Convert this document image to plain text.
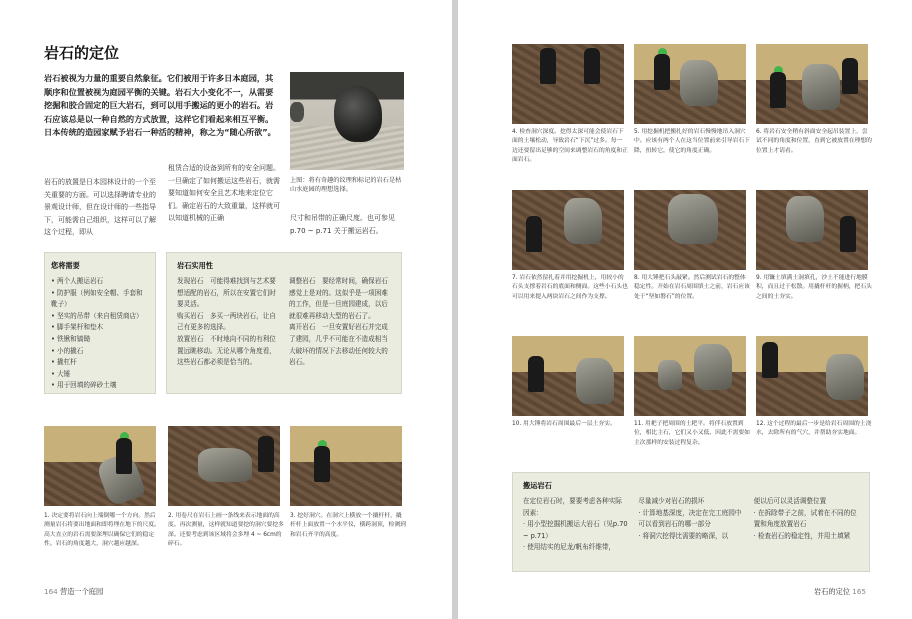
岩石的定位
岩石被视为力量的重要自然象征。它们被用于许多日本庭园，其顺序和位置被视为庭园平衡的关键。岩石大小变化不一，从需要挖掘和胶合固定的巨大岩石，到可以用手搬运的更小的岩石。岩石应该总是以一种自然的方式放置，这样它们看起来相互平衡。日本传统的造园家赋予岩石一种活的精神，称之为“随心所欲”。
上图：将有奇趣的纹理和标记的岩石是枯山水庭园的理想选择。
岩石的放置是日本园林设计的一个至关重要的方面。可以选择聘请专业的景观设计师，但在设计师的一些指导下，可能需自己组织，这样可以了解这个过程，即从
租赁合适的设备到所有的安全问题。一旦确定了如何搬运这些岩石，就需要知道如何安全且艺术地来定位它们。确定岩石的大致重量，这样就可以知道机械的正确	尺寸和吊带的正确尺度。也可参见 p.70 ~ p.71 关于搬运岩石。
您将需要
• 两个人搬运岩石
• 防护服（例如安全帽、手套和靴子）
• 坚实的吊带（来自租赁商店）
• 脚手架杆和垫木
• 铁锹和镐锄
• 小的撬石
• 撬杠杆
• 大锤
• 用于回填的碎砂土壤
岩石实用性
发现岩石　可能得难找到与艺术要想适配的岩石，所以在安置它们时要灵活。
购买岩石　多买一两块岩石，让自己有更多的选择。
放置岩石　不时地向不同的有利位置远眺移动。无论从哪个角度看，这些岩石都必须是恰当的。
调整岩石　要经常时间，确保岩石感觉上是对的。这似乎是一项困难的工作，但是一旦庭园建成，以后就很难再移动大型的岩石了。
离开岩石　一旦安置好岩石并完成了建园，几乎不可能在不造成相当大破坏的情况下去移动任何较大的岩石。
1. 决定要将岩石向上端倒哪一个方向。然后测量岩石将要出地面和即将埋在地下的尺度。高大直立的岩石需要深埋以确保它们的稳定性。岩石的角度越大，洞穴越应越深。
2. 用卷尺在岩石上画一条线来表示地面的高度。再次测量，这样就知道要挖的洞穴要挖多深。还要考虑到该区域将会多埋 4 ~ 6cm的碎石。
3. 挖好洞穴。在洞穴上横放一个撬杆杆，撬杆杆上面放置一个水平仪，横跨洞顶，检测到和岩石齐平的高度。
164 营造一个庭园
4. 检查洞穴深度。挖得太深可能会使岩石下面的土壤松动，导致岩石“下沉”过多。每一边还要留出足够的空间来调整岩石的角度和正面岩石。
5. 用挖掘机把搬扎好的岩石慢慢地吊入洞穴中。应该有两个人在这当位置前来引导岩石下降，扭转它，使它的角度正确。
6. 将岩石安全稍有斜面安全起吊装置上，尝试不同的角度和位置，直到它被放置在理想的位置上才请看。
7. 岩石依然留扎着并用挖掘机上，用较小的石头支撑着岩石的底面和侧面。这些小石头也可以用来提入两块岩石之间作为支撑。
8. 用大锤把石头敲紧。然后测试岩石的整体稳定性。开始在岩石周围填土之前，岩石应该处于“坚如磐石”的位置。
9. 用镰土填满土洞填孔，沙土不能进行地膜积，而且过于松散。用撬杆杆的握柄，把石头之间的土夯实。
10. 用大锤将岩石周围最后一层土夯实。	11. 用耙子把周围的土耙平。将伴石放置到位，相比主石，它们又小又低，因此不需要如主次那样的安装过程复杂。
12. 这个过程的最后一步是给岩石周围的土浇水，去除所有的气穴，并帮助夯实地面。
搬运岩石
在定位岩石时，要要考虑各种实际因素：
· 用小型挖掘机搬运大岩石（见p.70 ~ p.71）
· 使用结实的尼龙/帆布纤维带，
尽量减少对岩石的损坏
· 计算地基深度，决定在完工庭园中可以看到岩石的哪一部分
· 将洞穴挖得比需要的略深，以
便以后可以灵活调整位置
· 在拆除带子之前，试着在不同的位置和角度放置岩石
· 检查岩石的稳定性，并用土填紧
岩石的定位 165
